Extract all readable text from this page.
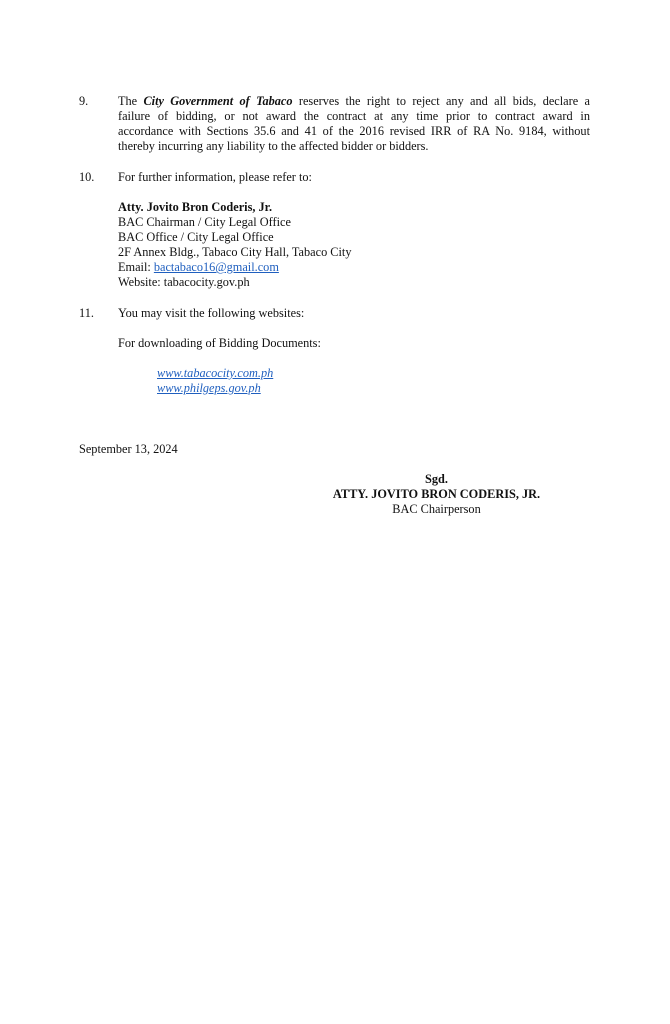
9.	The City Government of Tabaco reserves the right to reject any and all bids, declare a
failure of bidding, or not award the contract at any time prior to contract award in
accordance with Sections 35.6 and 41 of the 2016 revised IRR of RA No. 9184, without
thereby incurring any liability to the affected bidder or bidders.
10.	For further information, please refer to:
Atty. Jovito Bron Coderis, Jr.
BAC Chairman / City Legal Office
BAC Office / City Legal Office
2F Annex Bldg., Tabaco City Hall, Tabaco City
Email: bactabaco16@gmail.com
Website: tabacocity.gov.ph
11.	You may visit the following websites:
For downloading of Bidding Documents:
www.tabacocity.com.ph
www.philgeps.gov.ph
September 13, 2024
Sgd.
ATTY. JOVITO BRON CODERIS, JR.
BAC Chairperson
